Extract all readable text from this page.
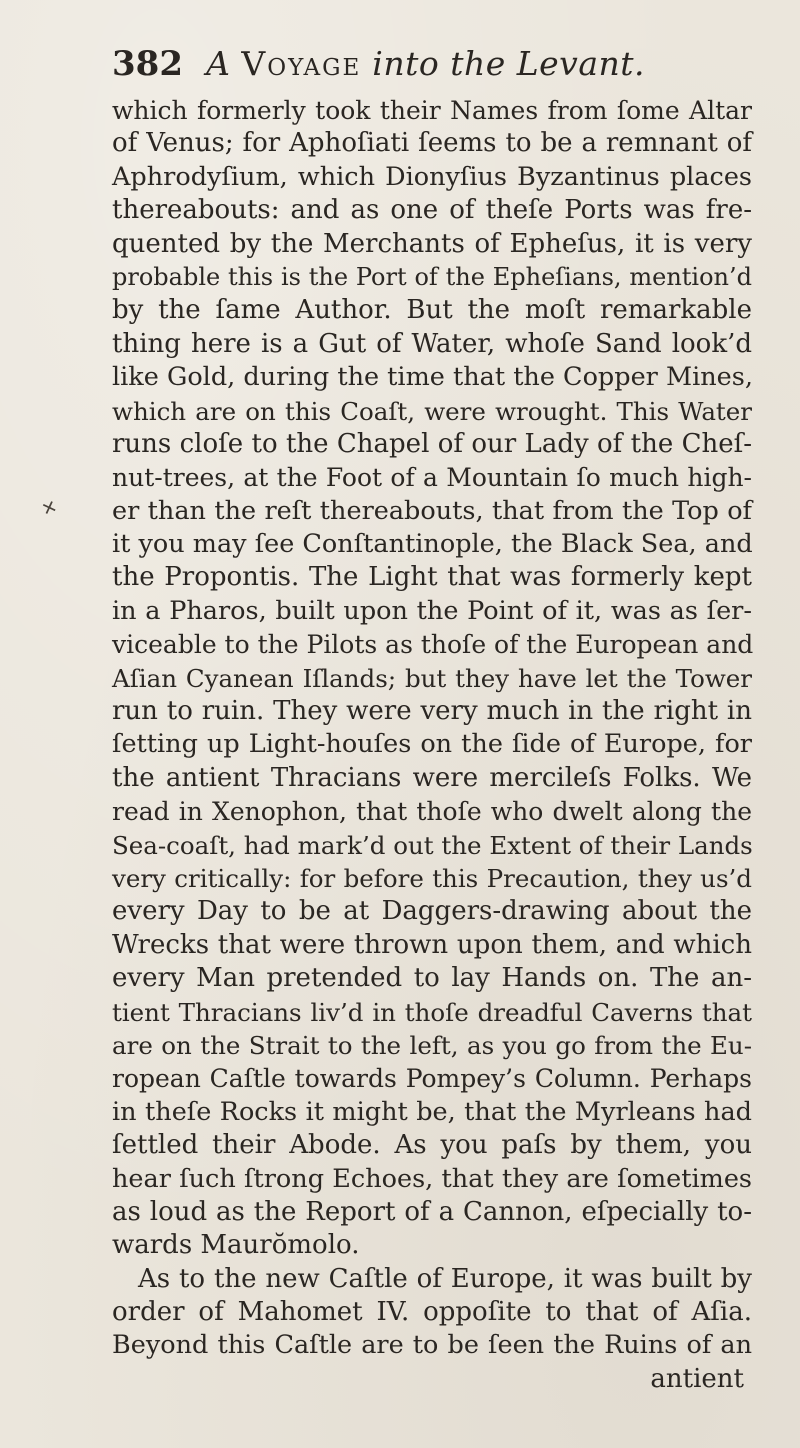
382 A Voyage into the Levant.
✕
which formerly took their Names from ſome Altar
of Venus; for Aphoſiati ſeems to be a remnant of
Aphrodyſium, which Dionyſius Byzantinus places
thereabouts: and as one of theſe Ports was fre-
quented by the Merchants of Epheſus, it is very
probable this is the Port of the Epheſians, mention’d
by the ſame Author. But the moſt remarkable
thing here is a Gut of Water, whoſe Sand look’d
like Gold, during the time that the Copper Mines,
which are on this Coaſt, were wrought. This Water
runs cloſe to the Chapel of our Lady of the Cheſ-
nut-trees, at the Foot of a Mountain ſo much high-
er than the reſt thereabouts, that from the Top of
it you may ſee Conſtantinople, the Black Sea, and
the Propontis. The Light that was formerly kept
in a Pharos, built upon the Point of it, was as ſer-
viceable to the Pilots as thoſe of the European and
Aſian Cyanean Iſlands; but they have let the Tower
run to ruin. They were very much in the right in
ſetting up Light-houſes on the ſide of Europe, for
the antient Thracians were mercileſs Folks. We
read in Xenophon, that thoſe who dwelt along the
Sea-coaſt, had mark’d out the Extent of their Lands
very critically: for before this Precaution, they us’d
every Day to be at Daggers-drawing about the
Wrecks that were thrown upon them, and which
every Man pretended to lay Hands on. The an-
tient Thracians liv’d in thoſe dreadful Caverns that
are on the Strait to the left, as you go from the Eu-
ropean Caſtle towards Pompey’s Column. Perhaps
in theſe Rocks it might be, that the Myrleans had
ſettled their Abode. As you paſs by them, you
hear ſuch ſtrong Echoes, that they are ſometimes
as loud as the Report of a Cannon, eſpecially to-
wards Maurŏmolo.
As to the new Caſtle of Europe, it was built by
order of Mahomet IV. oppoſite to that of Aſia.
Beyond this Caſtle are to be ſeen the Ruins of an
antient
